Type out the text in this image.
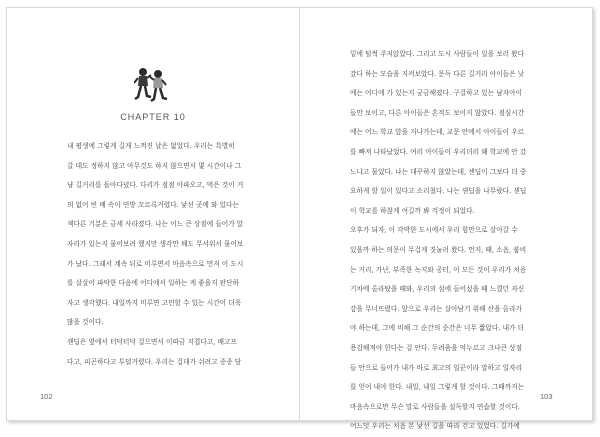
CHAPTER 10
내 평생에 그렇게 길게 느껴진 날은 없었다. 우리는 특별히
갈 데도 정하지 않고 아무것도 하지 않으면서 몇 시간이나 그
냥 길거리를 돌아다녔다. 다리가 점점 아파오고, 먹은 것이 거
의 없어 빈 배 속이 연방 꼬르륵거렸다. 낯선 곳에 와 있다는
색다른 기분은 금세 사라졌다. 나는 어느 큰 상점에 들어가 앉
자리가 있는지 물어보려 했지만 생각만 해도 무서워서 물어보
가 났다. 그래서 계속 뒤로 미루면서 마음속으로 먼저 이 도시
를 살살이 파악한 다음에 어디에서 일하는 게 좋을지 판단하
자고 생각했다. 내일까지 미루면 고민할 수 있는 시간이 더욱
많을 것이다.
셴딥은 옆에서 터덕터덕 걸으면서 이따금 지겹다고, 배고프
다고, 피곤하다고 투덜거렸다. 우리는 겁대가 쉬려고 종종 담
102
밑에 털썩 주저앉았다. 그리고 도시 사람들이 일을 보러 왔다
갔다 하는 모습을 지켜보았다. 문득 다른 길거리 아이들은 낮
에는 어디에 가 있는지 궁금해졌다. 구걸하고 있는 남자아이
들만 보이고, 다른 아이들은 흔적도 보이지 않았다. 점심시간
에는 어느 학교 앞을 지나가는데, 교문 안에서 아이들이 우르
를 빠져 나타났었다. 여러 아이들이 우리더러 왜 학교에 안 갔
느냐고 물었다. 나는 대꾸하지 않았는데, 센딥이 그보다 더 중
요하게 할 일이 있다고 소리쳤다. 나는 셴딥을 나무랐다. 셴딥
이 학교를 하찮게 여길까 봐 걱정이 되었다.
오후가 되자, 이 각박한 도시에서 우리 힘만으로 살아갈 수
있을까 하는 의문이 무겁게 짓눌러 왔다. 먼지, 때, 소음, 붐비
는 거리, 가난, 부족한 녹지와 공터, 이 모든 것이 우리가 처음
기차에 올라탔을 때와, 우리의 섬에 들어섰을 때 느꼈던 자신
감을 무너뜨렸다. 앞으로 우리는 살아남기 위해 산을 올라가
야 하는데, 그에 비해 그 순간의 순간은 너무 짧았다. 내가 더
용감해져야 한다는 걸 안다. 두려움을 억누르고 크나큰 상점
들 안으로 들어가 내가 바로 최고의 일꾼이라 말하고 일자리
를 얻어 내야 한다. 내일, 내일 그렇게 할 것이다. 그때까지는
마음속으로만 무슨 말로 사람들을 설득할지 연습할 것이다.
어느덧 우리는 처음 본 낯선 길을 따라 걷고 있었다. 길가에
103
